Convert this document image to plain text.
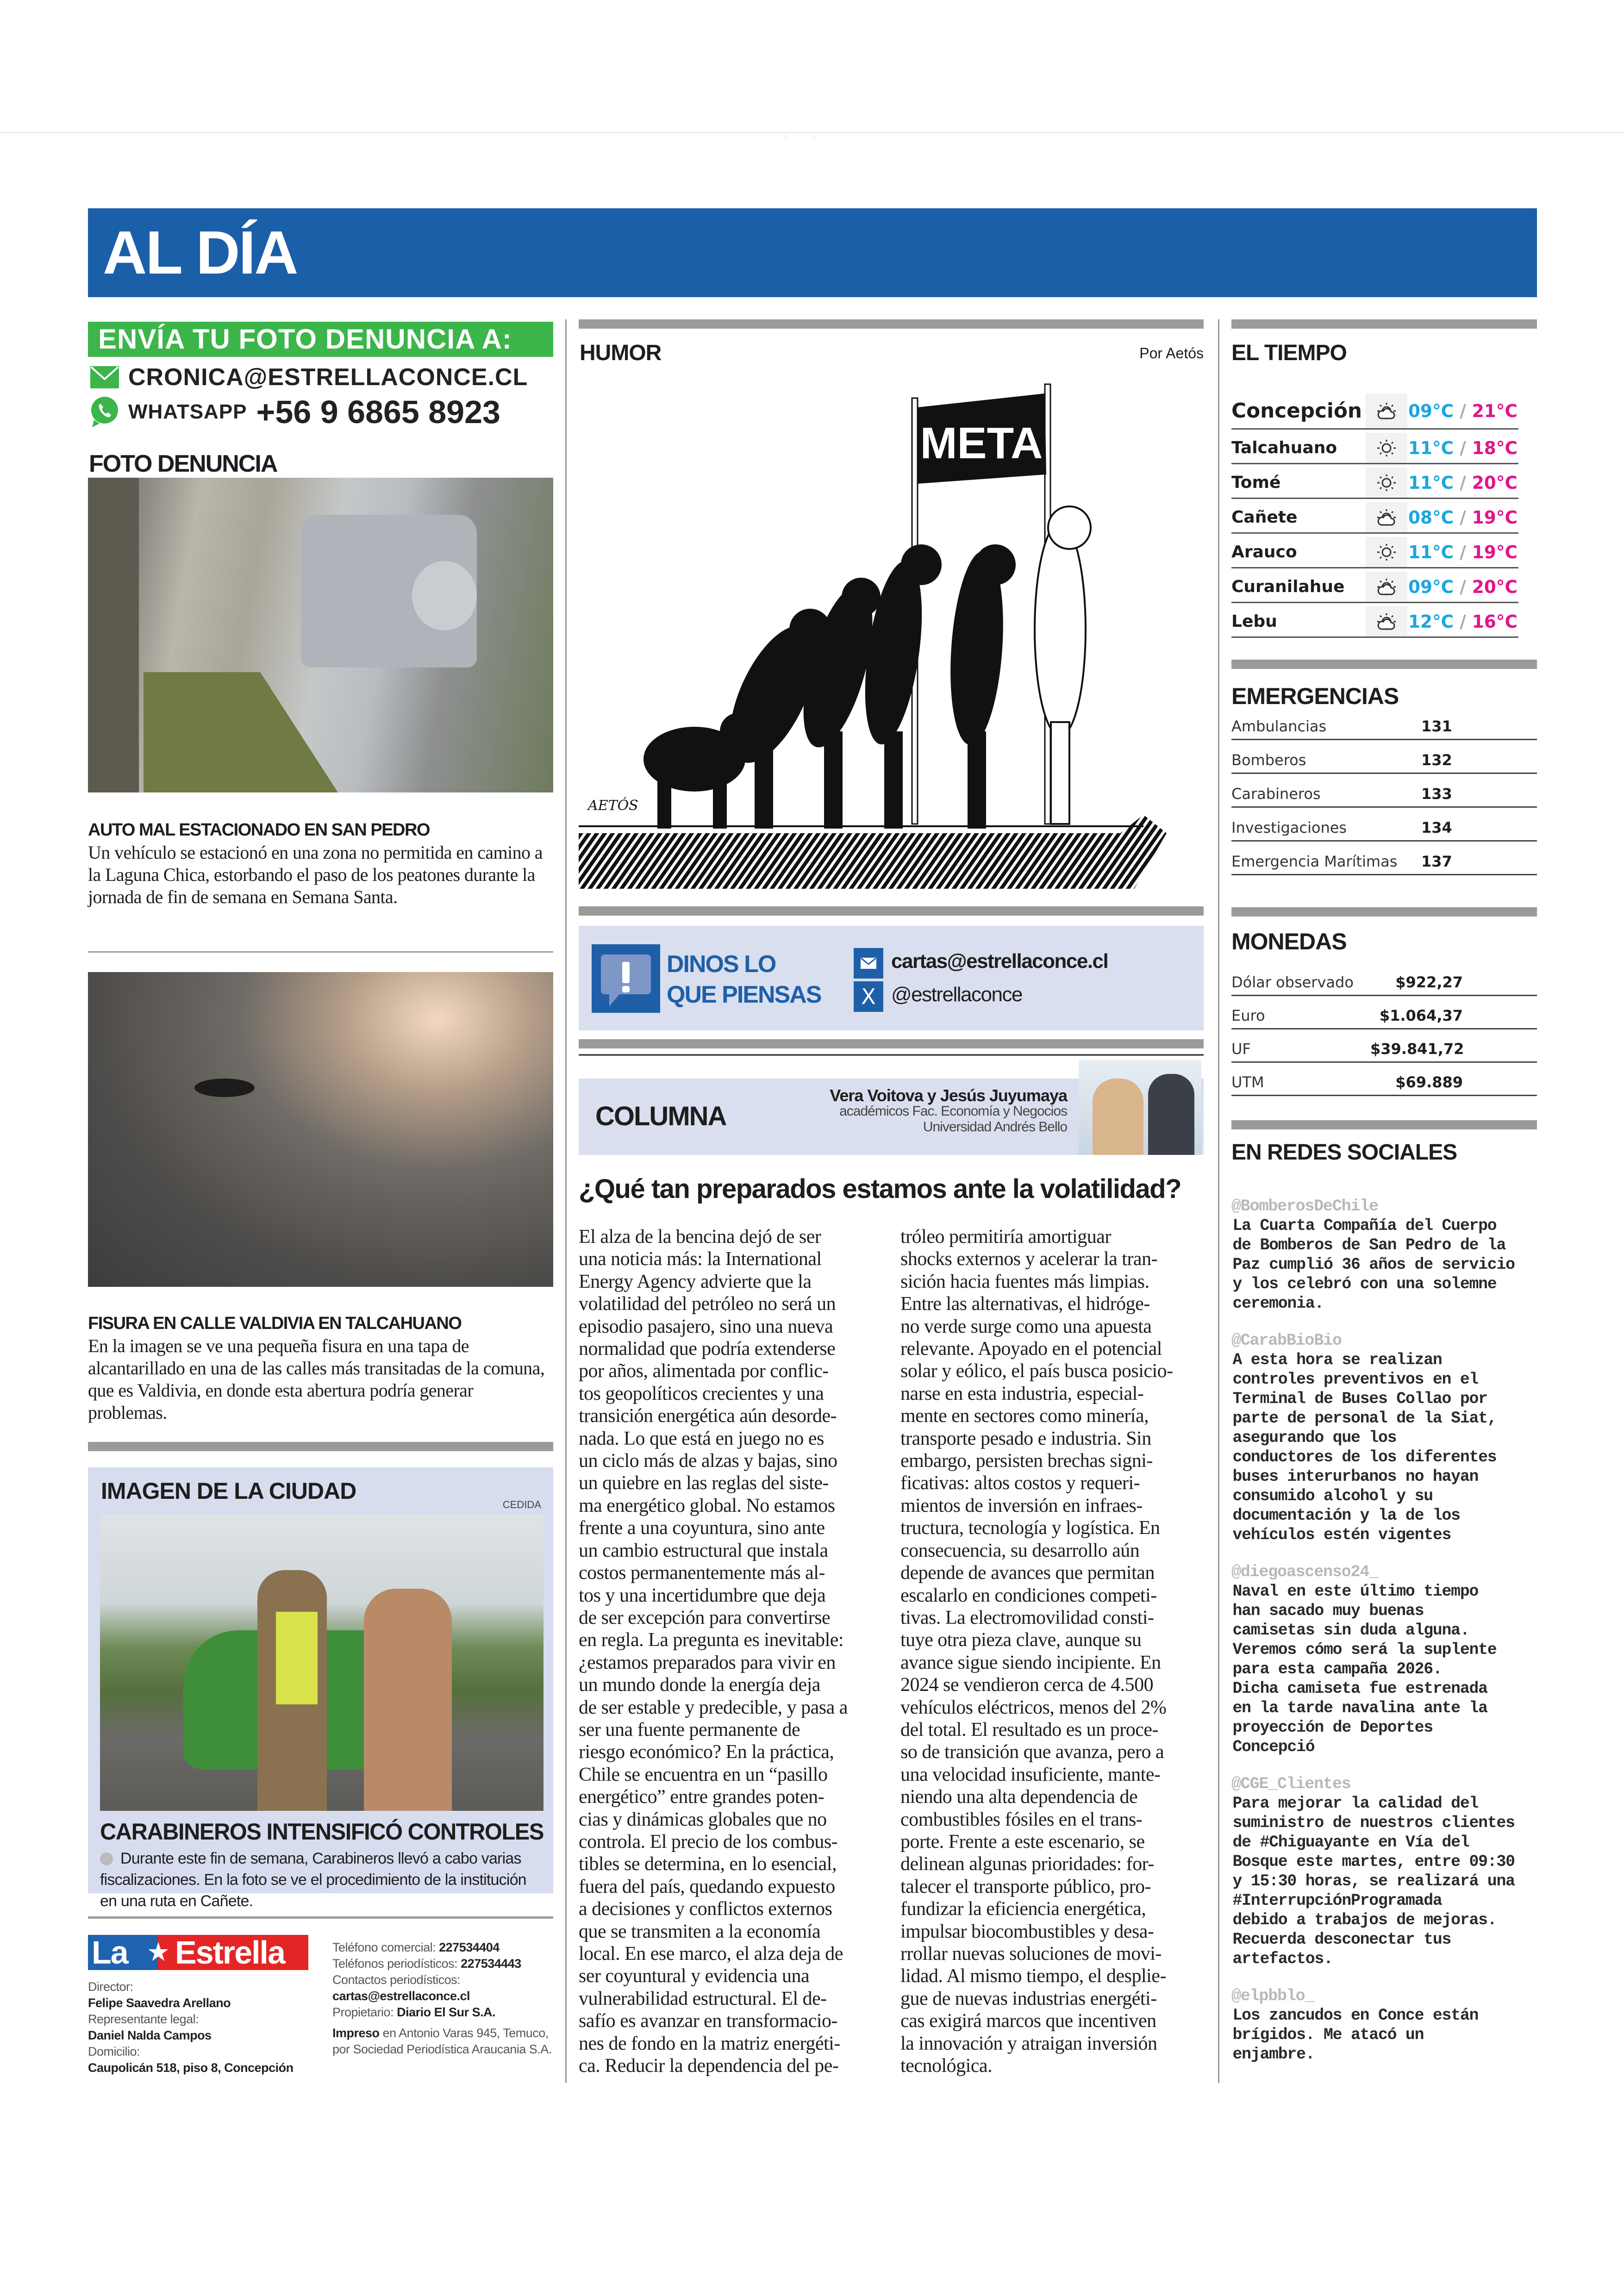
◦◦
AL DÍA
ENVÍA TU FOTO DENUNCIA A:
CRONICA@ESTRELLACONCE.CL
WHATSAPP +56 9 6865 8923
FOTO DENUNCIA
AUTO MAL ESTACIONADO EN SAN PEDRO
Un vehículo se estacionó en una zona no permitida en camino a la Laguna Chica, estorbando el paso de los peatones durante la jornada de fin de semana en Semana Santa.
FISURA EN CALLE VALDIVIA EN TALCAHUANO
En la imagen se ve una pequeña fisura en una tapa de alcantarillado en una de las calles más transitadas de la comuna, que es Valdivia, en donde esta abertura podría generar problemas.
IMAGEN DE LA CIUDAD
CEDIDA
CARABINEROS INTENSIFICÓ CONTROLES
Durante este fin de semana, Carabineros llevó a cabo varias fiscalizaciones. En la foto se ve el procedimiento de la institución en una ruta en Cañete.
La ★ Estrella
Director:
Felipe Saavedra Arellano
Representante legal:
Daniel Nalda Campos
Domicilio:
Caupolicán 518, piso 8, Concepción
Teléfono comercial: 227534404
Teléfonos periodísticos: 227534443
Contactos periodísticos:
cartas@estrellaconce.cl
Propietario: Diario El Sur S.A.
Impreso en Antonio Varas 945, Temuco, por Sociedad Periodística Araucania S.A.
HUMOR	Por Aetós
META
AETÓS
DINOS LO
QUE PIENSAS
cartas@estrellaconce.cl
X @estrellaconce
COLUMNA
Vera Voitova y Jesús Juyumaya
académicos Fac. Economía y Negocios
Universidad Andrés Bello
¿Qué tan preparados estamos ante la volatilidad?
El alza de la bencina dejó de ser
una noticia más: la International
Energy Agency advierte que la
volatilidad del petróleo no será un
episodio pasajero, sino una nueva
normalidad que podría extenderse
por años, alimentada por conflic-
tos geopolíticos crecientes y una
transición energética aún desorde-
nada. Lo que está en juego no es
un ciclo más de alzas y bajas, sino
un quiebre en las reglas del siste-
ma energético global. No estamos
frente a una coyuntura, sino ante
un cambio estructural que instala
costos permanentemente más al-
tos y una incertidumbre que deja
de ser excepción para convertirse
en regla. La pregunta es inevitable:
¿estamos preparados para vivir en
un mundo donde la energía deja
de ser estable y predecible, y pasa a
ser una fuente permanente de
riesgo económico? En la práctica,
Chile se encuentra en un “pasillo
energético” entre grandes poten-
cias y dinámicas globales que no
controla. El precio de los combus-
tibles se determina, en lo esencial,
fuera del país, quedando expuesto
a decisiones y conflictos externos
que se transmiten a la economía
local. En ese marco, el alza deja de
ser coyuntural y evidencia una
vulnerabilidad estructural. El de-
safío es avanzar en transformacio-
nes de fondo en la matriz energéti-
ca. Reducir la dependencia del pe-
tróleo permitiría amortiguar
shocks externos y acelerar la tran-
sición hacia fuentes más limpias.
Entre las alternativas, el hidróge-
no verde surge como una apuesta
relevante. Apoyado en el potencial
solar y eólico, el país busca posicio-
narse en esta industria, especial-
mente en sectores como minería,
transporte pesado e industria. Sin
embargo, persisten brechas signi-
ficativas: altos costos y requeri-
mientos de inversión en infraes-
tructura, tecnología y logística. En
consecuencia, su desarrollo aún
depende de avances que permitan
escalarlo en condiciones competi-
tivas. La electromovilidad consti-
tuye otra pieza clave, aunque su
avance sigue siendo incipiente. En
2024 se vendieron cerca de 4.500
vehículos eléctricos, menos del 2%
del total. El resultado es un proce-
so de transición que avanza, pero a
una velocidad insuficiente, mante-
niendo una alta dependencia de
combustibles fósiles en el trans-
porte. Frente a este escenario, se
delinean algunas prioridades: for-
talecer el transporte público, pro-
fundizar la eficiencia energética,
impulsar biocombustibles y desa-
rrollar nuevas soluciones de movi-
lidad. Al mismo tiempo, el desplie-
gue de nuevas industrias energéti-
cas exigirá marcos que incentiven
la innovación y atraigan inversión
tecnológica.
EL TIEMPO
Concepción	09°C / 21°C
Talcahuano	11°C / 18°C
Tomé	11°C / 20°C
Cañete	08°C / 19°C
Arauco	11°C / 19°C
Curanilahue	09°C / 20°C
Lebu	12°C / 16°C
EMERGENCIAS
Ambulancias	131
Bomberos	132
Carabineros	133
Investigaciones	134
Emergencia Marítimas	137
MONEDAS
Dólar observado	$922,27
Euro	$1.064,37
UF	$39.841,72
UTM	$69.889
EN REDES SOCIALES
@BomberosDeChile
La Cuarta Compañía del Cuerpo
de Bomberos de San Pedro de la
Paz cumplió 36 años de servicio
y los celebró con una solemne
ceremonia.
@CarabBioBio
A esta hora se realizan
controles preventivos en el
Terminal de Buses Collao por
parte de personal de la Siat,
asegurando que los
conductores de los diferentes
buses interurbanos no hayan
consumido alcohol y su
documentación y la de los
vehículos estén vigentes
@diegoascenso24_
Naval en este último tiempo
han sacado muy buenas
camisetas sin duda alguna.
Veremos cómo será la suplente
para esta campaña 2026.
Dicha camiseta fue estrenada
en la tarde navalina ante la
proyección de Deportes
Concepció
@CGE_Clientes
Para mejorar la calidad del
suministro de nuestros clientes
de #Chiguayante en Vía del
Bosque este martes, entre 09:30
y 15:30 horas, se realizará una
#InterrupciónProgramada
debido a trabajos de mejoras.
Recuerda desconectar tus
artefactos.
@elpbblo_
Los zancudos en Conce están
brígidos. Me atacó un
enjambre.
